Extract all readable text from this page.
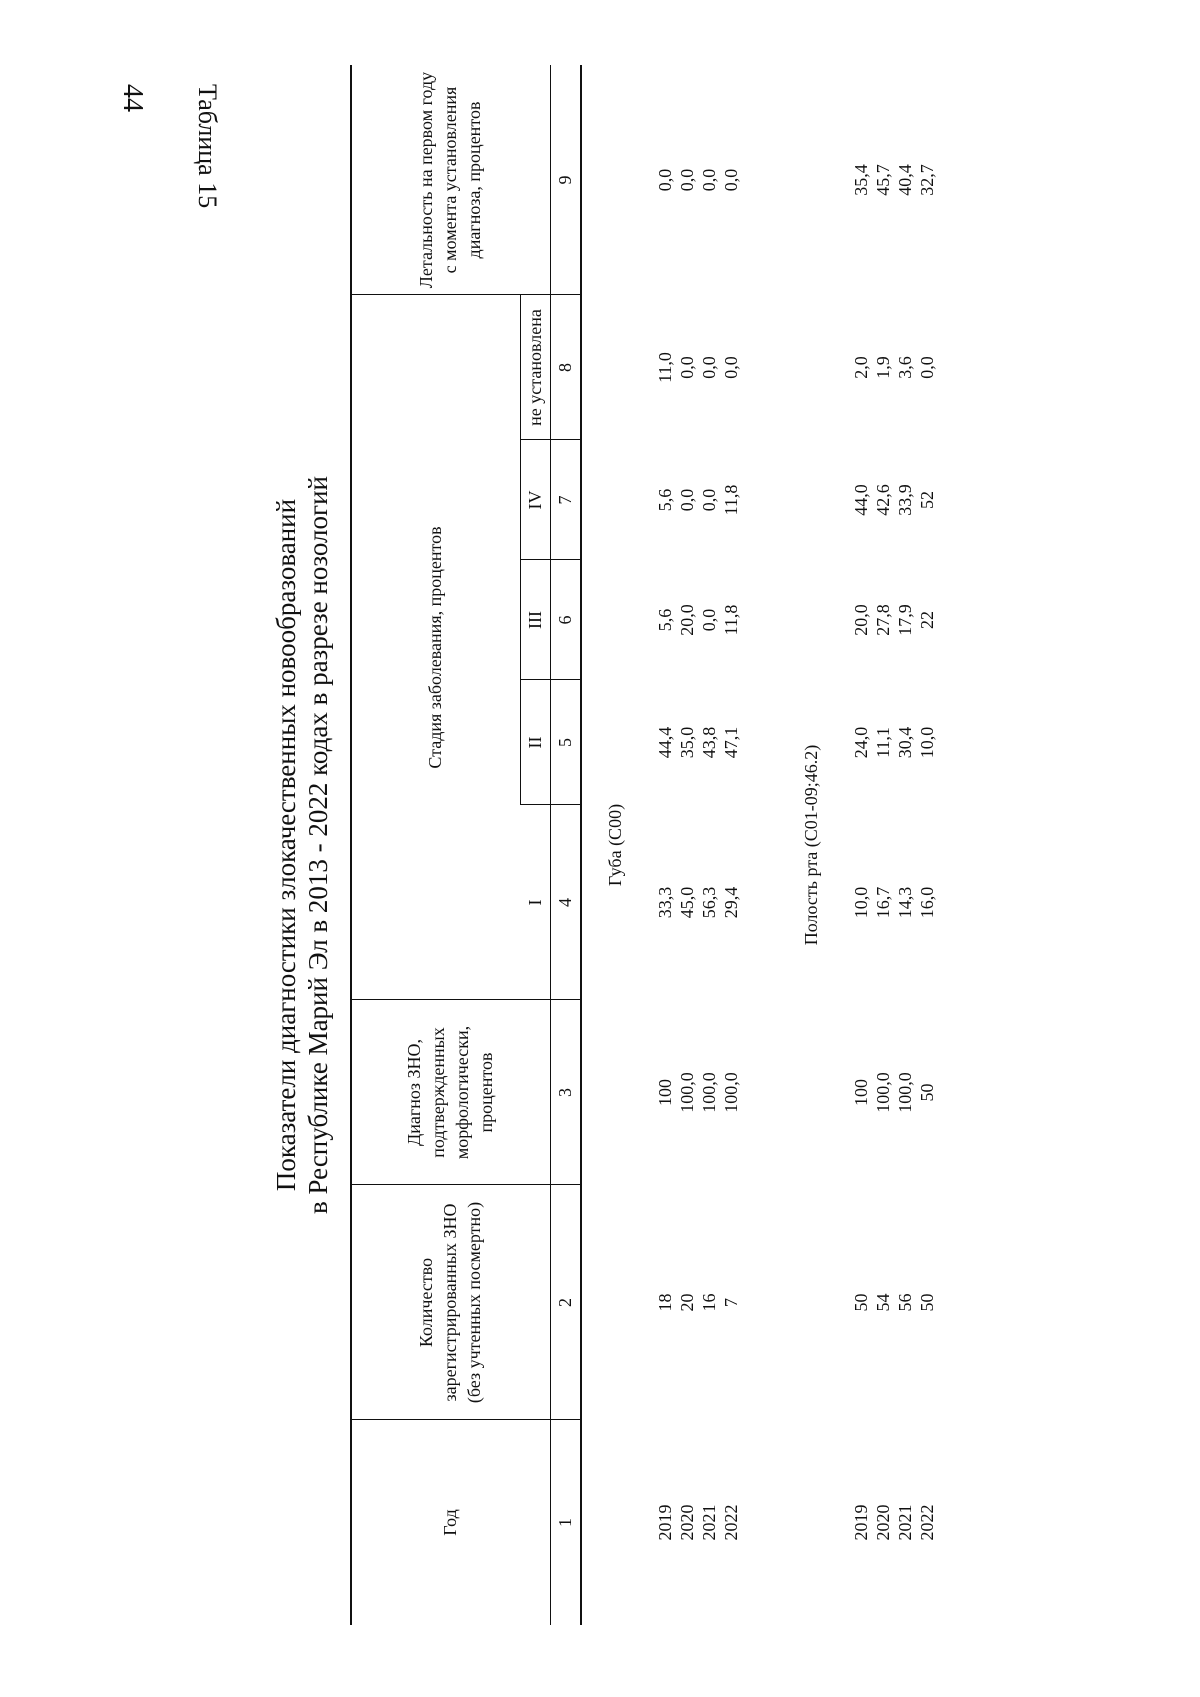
44 Таблица 15
Показатели диагностики злокачественных новообразований в Республике Марий Эл в 2013 - 2022 кодах в разрезе нозологий
Год
Количество зарегистрированных ЗНО (без учтенных посмертно)
Диагноз ЗНО, подтвержденных морфологически, процентов
Стадия заболевания, процентов
I
II
III
IV
не установлена
Летальность на первом году с момента установления диагноза, процентов
1
2
3
4
5
6
7
8
9
Губа (С00)
2019 2020 2021 2022
18 20 16 7
100 100,0 100,0 100,0
33,3 45,0 56,3 29,4
44,4 35,0 43,8 47,1
5,6 20,0 0,0 11,8
5,6 0,0 0,0 11,8
11,0 0,0 0,0 0,0
0,0 0,0 0,0 0,0
Полость рта (С01-09;46.2)
2019 2020 2021 2022
50 54 56 50
100 100,0 100,0 50
10,0 16,7 14,3 16,0
24,0 11,1 30,4 10,0
20,0 27,8 17,9 22
44,0 42,6 33,9 52
2,0 1,9 3,6 0,0
35,4 45,7 40,4 32,7
